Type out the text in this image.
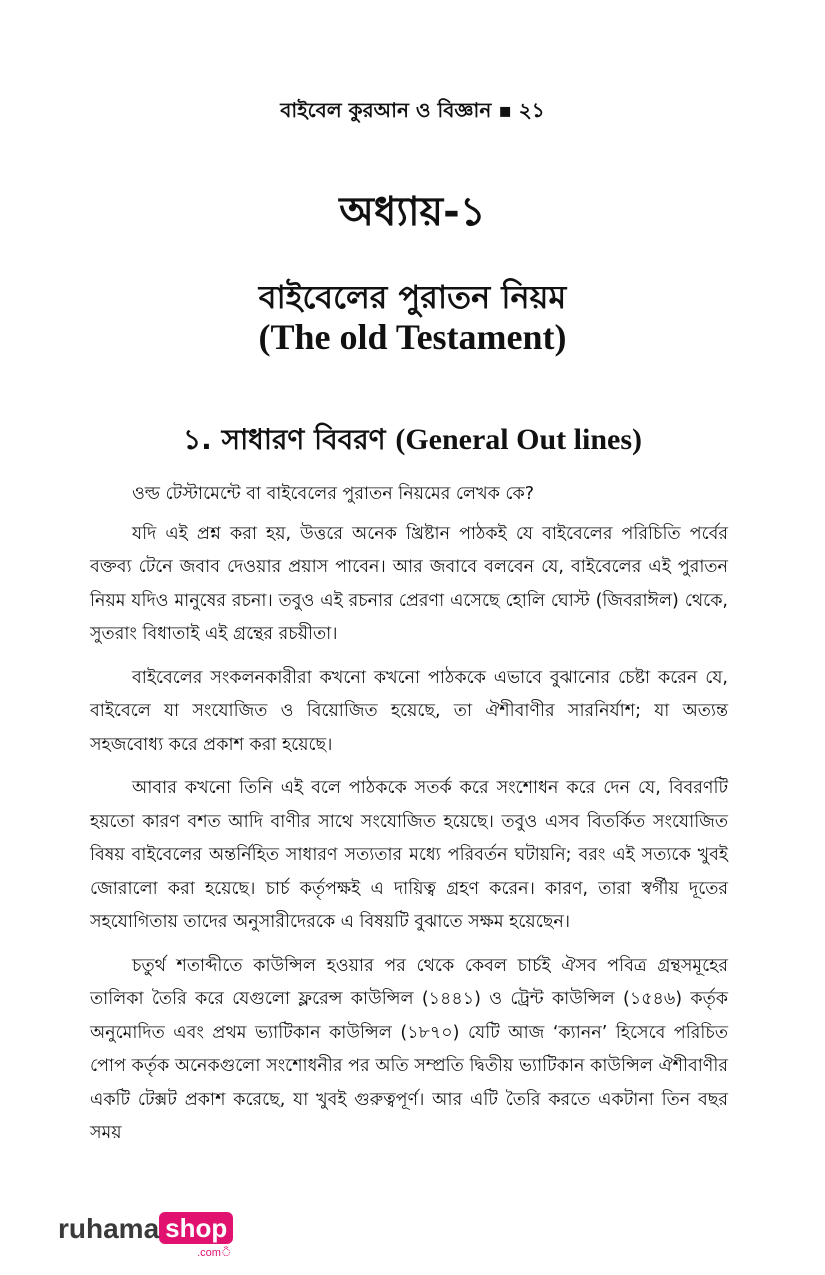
বাইবেল কুরআন ও বিজ্ঞান ▪ ২১
অধ্যায়-১
বাইবেলের পুরাতন নিয়ম
(The old Testament)
১. সাধারণ বিবরণ (General Out lines)

ওল্ড টেস্টামেন্টে বা বাইবেলের পুরাতন নিয়মের লেখক কে?

যদি এই প্রশ্ন করা হয়, উত্তরে অনেক খ্রিষ্টান পাঠকই যে বাইবেলের পরিচিতি পর্বের বক্তব্য টেনে জবাব দেওয়ার প্রয়াস পাবেন। আর জবাবে বলবেন যে, বাইবেলের এই পুরাতন নিয়ম যদিও মানুষের রচনা। তবুও এই রচনার প্রেরণা এসেছে হোলি ঘোস্ট (জিবরাঈল) থেকে, সুতরাং বিধাতাই এই গ্রন্থের রচয়ীতা।

বাইবেলের সংকলনকারীরা কখনো কখনো পাঠককে এভাবে বুঝানোর চেষ্টা করেন যে, বাইবেলে যা সংযোজিত ও বিয়োজিত হয়েছে, তা ঐশীবাণীর সারনির্যাশ; যা অত্যন্ত সহজবোধ্য করে প্রকাশ করা হয়েছে।

আবার কখনো তিনি এই বলে পাঠককে সতর্ক করে সংশোধন করে দেন যে, বিবরণটি হয়তো কারণ বশত আদি বাণীর সাথে সংযোজিত হয়েছে। তবুও এসব বিতর্কিত সংযোজিত বিষয় বাইবেলের অন্তর্নিহিত সাধারণ সত্যতার মধ্যে পরিবর্তন ঘটায়নি; বরং এই সত্যকে খুবই জোরালো করা হয়েছে। চার্চ কর্তৃপক্ষই এ দায়িত্ব গ্রহণ করেন। কারণ, তারা স্বর্গীয় দূতের সহযোগিতায় তাদের অনুসারীদেরকে এ বিষয়টি বুঝাতে সক্ষম হয়েছেন।

চতুর্থ শতাব্দীতে কাউন্সিল হওয়ার পর থেকে কেবল চার্চই ঐসব পবিত্র গ্রন্থসমূহের তালিকা তৈরি করে যেগুলো ফ্লরেন্স কাউন্সিল (১৪৪১) ও ট্রেন্ট কাউন্সিল (১৫৪৬) কর্তৃক অনুমোদিত এবং প্রথম ভ্যাটিকান কাউন্সিল (১৮৭০) যেটি আজ ‘ক্যানন’ হিসেবে পরিচিত পোপ কর্তৃক অনেকগুলো সংশোধনীর পর অতি সম্প্রতি দ্বিতীয় ভ্যাটিকান কাউন্সিল ঐশীবাণীর একটি টেক্সট প্রকাশ করেছে, যা খুবই গুরুত্বপূর্ণ। আর এটি তৈরি করতে একটানা তিন বছর সময়

ruhama shop
.comঁ
